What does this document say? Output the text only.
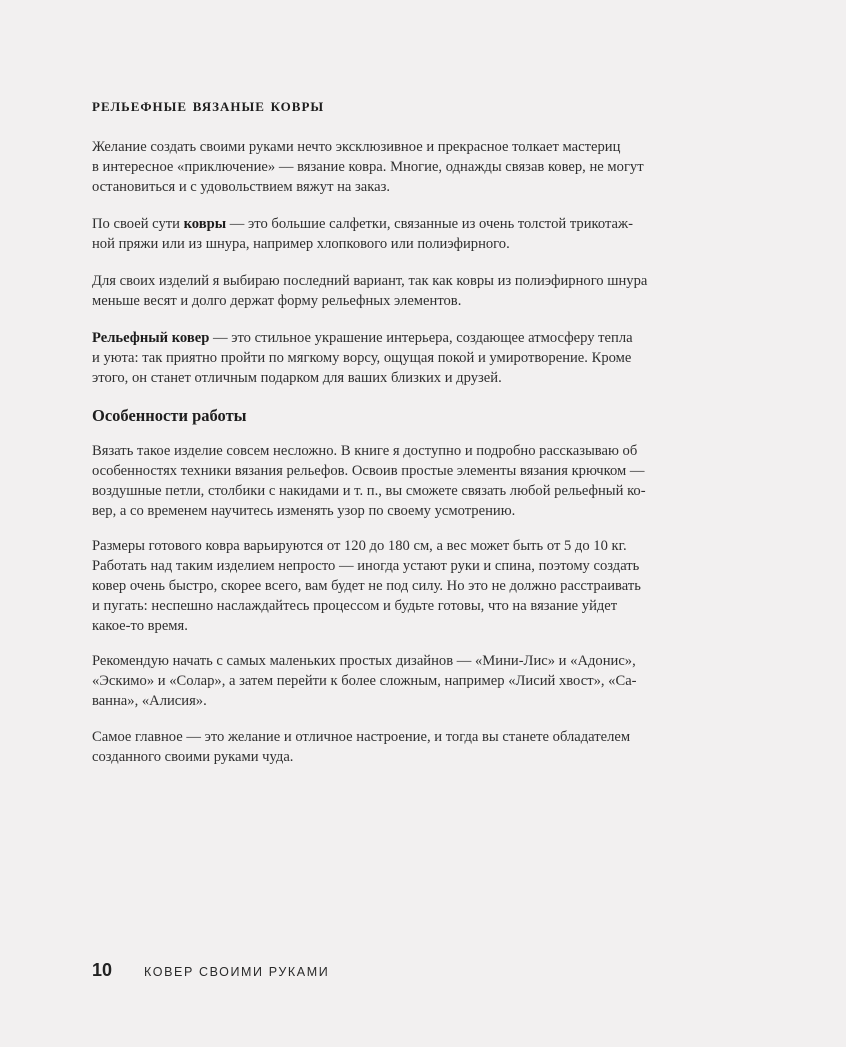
рельефные вязаные ковры

Желание создать своими руками нечто эксклюзивное и прекрасное толкает мастериц
в интересное «приключение» — вязание ковра. Многие, однажды связав ковер, не могут
остановиться и с удовольствием вяжут на заказ.

По своей сути ковры — это большие салфетки, связанные из очень толстой трикотаж-
ной пряжи или из шнура, например хлопкового или полиэфирного.

Для своих изделий я выбираю последний вариант, так как ковры из полиэфирного шнура
меньше весят и долго держат форму рельефных элементов.

Рельефный ковер — это стильное украшение интерьера, создающее атмосферу тепла
и уюта: так приятно пройти по мягкому ворсу, ощущая покой и умиротворение. Кроме
этого, он станет отличным подарком для ваших близких и друзей.

Особенности работы

Вязать такое изделие совсем несложно. В книге я доступно и подробно рассказываю об
особенностях техники вязания рельефов. Освоив простые элементы вязания крючком —
воздушные петли, столбики с накидами и т. п., вы сможете связать любой рельефный ко-
вер, а со временем научитесь изменять узор по своему усмотрению.

Размеры готового ковра варьируются от 120 до 180 см, а вес может быть от 5 до 10 кг.
Работать над таким изделием непросто — иногда устают руки и спина, поэтому создать
ковер очень быстро, скорее всего, вам будет не под силу. Но это не должно расстраивать
и пугать: неспешно наслаждайтесь процессом и будьте готовы, что на вязание уйдет
какое-то время.

Рекомендую начать с самых маленьких простых дизайнов — «Мини-Лис» и «Адонис»,
«Эскимо» и «Солар», а затем перейти к более сложным, например «Лисий хвост», «Са-
ванна», «Алисия».

Самое главное — это желание и отличное настроение, и тогда вы станете обладателем
созданного своими руками чуда.

10	КОВЕР СВОИМИ РУКАМИ
